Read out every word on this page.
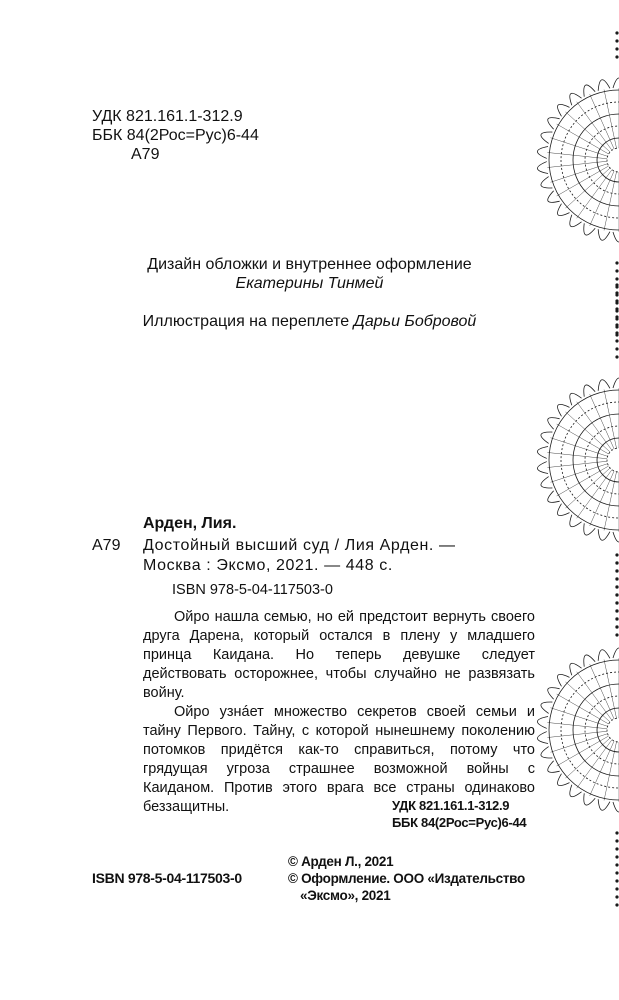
УДК 821.161.1-312.9
ББК 84(2Рос=Рус)6-44
А79
Дизайн обложки и внутреннее оформление
Екатерины Тинмей
Иллюстрация на переплете Дарьи Бобровой
Арден, Лия.
А79 Достойный высший суд / Лия Арден. —
Москва : Эксмо, 2021. — 448 с.
ISBN 978-5-04-117503-0

Ойро нашла семью, но ей предстоит вернуть своего друга Дарена, который остался в плену у младшего принца Каидана. Но теперь девушке следует действовать осторожнее, чтобы случайно не развязать войну.

Ойро узнáет множество секретов своей семьи и тайну Первого. Тайну, с которой нынешнему поколению потомков придётся как-то справиться, потому что грядущая угроза страшнее возможной войны с Каиданом. Против этого врага все страны одинаково беззащитны.	УДК 821.161.1-312.9
ББК 84(2Рос=Рус)6-44
© Арден Л., 2021
© Оформление. ООО «Издательство
«Эксмо», 2021
ISBN 978-5-04-117503-0
